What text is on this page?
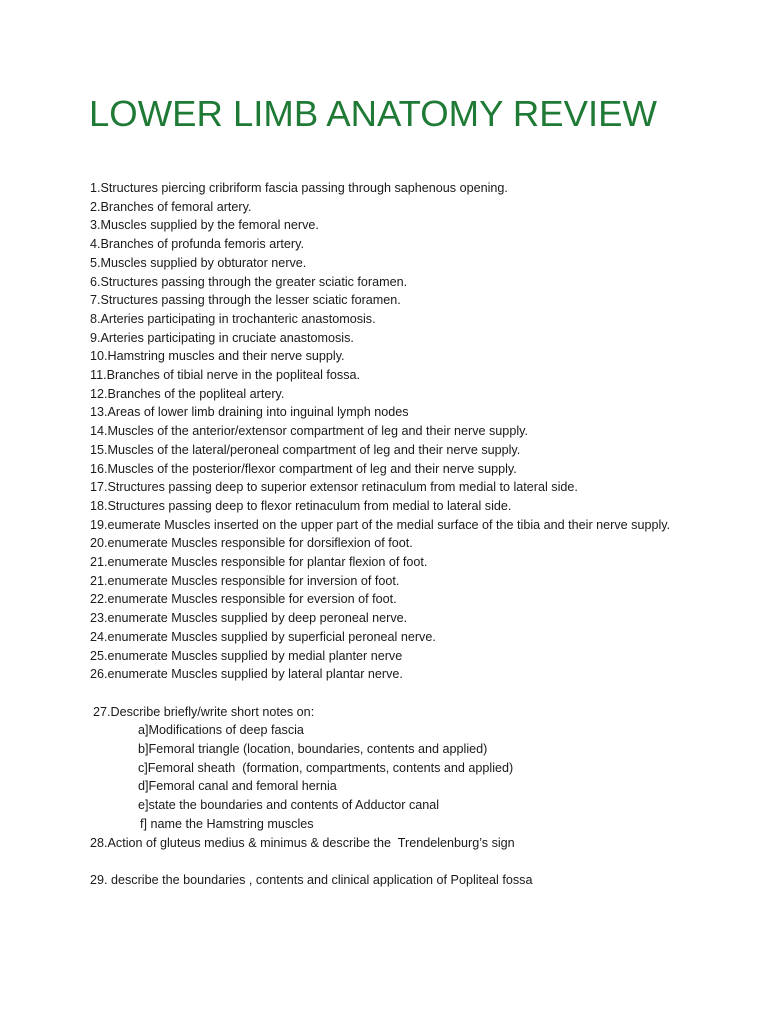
LOWER LIMB ANATOMY REVIEW

1.Structures piercing cribriform fascia passing through saphenous opening.

2.Branches of femoral artery.

3.Muscles supplied by the femoral nerve.

4.Branches of profunda femoris artery.

5.Muscles supplied by obturator nerve.

6.Structures passing through the greater sciatic foramen.

7.Structures passing through the lesser sciatic foramen.

8.Arteries participating in trochanteric anastomosis.

9.Arteries participating in cruciate anastomosis.

10.Hamstring muscles and their nerve supply.

11.Branches of tibial nerve in the popliteal fossa.

12.Branches of the popliteal artery.

13.Areas of lower limb draining into inguinal lymph nodes

14.Muscles of the anterior/extensor compartment of leg and their nerve supply.

15.Muscles of the lateral/peroneal compartment of leg and their nerve supply.

16.Muscles of the posterior/flexor compartment of leg and their nerve supply.

17.Structures passing deep to superior extensor retinaculum from medial to lateral side.

18.Structures passing deep to flexor retinaculum from medial to lateral side.

19.eumerate Muscles inserted on the upper part of the medial surface of the tibia and their nerve supply.

20.enumerate Muscles responsible for dorsiflexion of foot.

21.enumerate Muscles responsible for plantar flexion of foot.

21.enumerate Muscles responsible for inversion of foot.

22.enumerate Muscles responsible for eversion of foot.

23.enumerate Muscles supplied by deep peroneal nerve.

24.enumerate Muscles supplied by superficial peroneal nerve.

25.enumerate Muscles supplied by medial planter nerve

26.enumerate Muscles supplied by lateral plantar nerve.

27.Describe briefly/write short notes on:

a]Modifications of deep fascia

b]Femoral triangle (location, boundaries, contents and applied)

c]Femoral sheath  (formation, compartments, contents and applied)

d]Femoral canal and femoral hernia

e]state the boundaries and contents of Adductor canal

f] name the Hamstring muscles

28.Action of gluteus medius & minimus & describe the  Trendelenburg’s sign

29. describe the boundaries , contents and clinical application of Popliteal fossa
